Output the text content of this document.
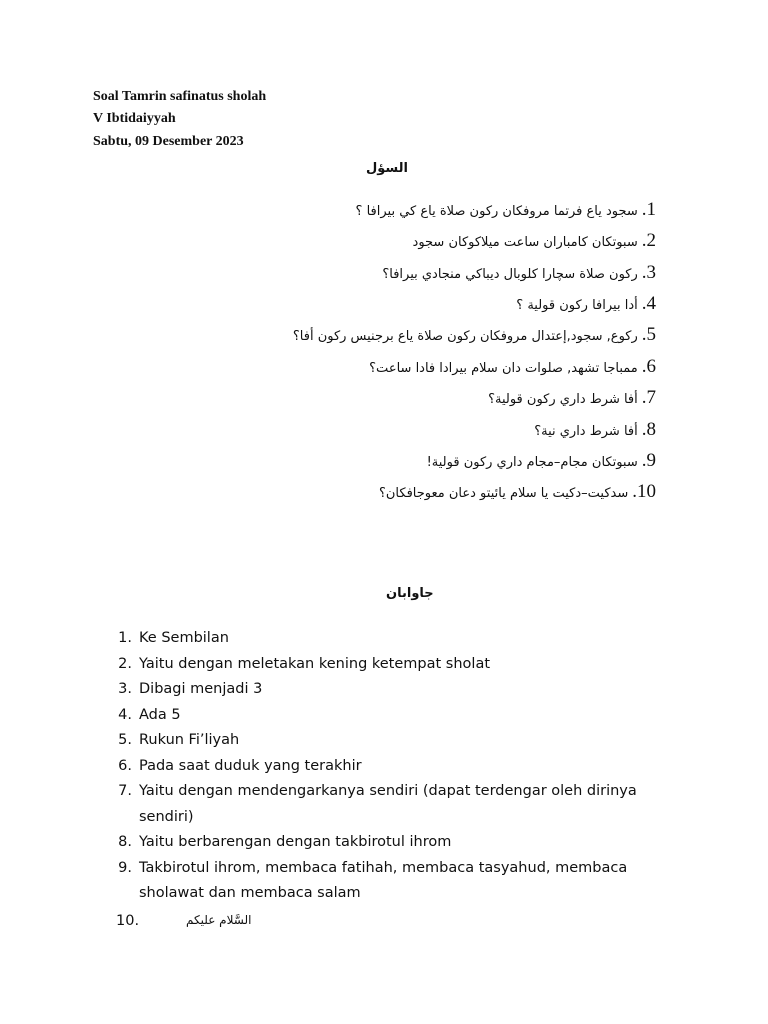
Soal Tamrin safinatus sholah
V Ibtidaiyyah
Sabtu, 09 Desember 2023
السؤل
1.سجود ياع فرتما مروفكان ركون صلاة ياع كي بيرافا ؟
2.سبوتكان كامباران ساعت ميلاكوكان سجود
3.ركون صلاة سچارا كلوبال ديباكي منجادي بيرافا؟
4.أدا بيرافا ركون قولية ؟
5.ركوع, سجود,إعتدال مروفكان ركون صلاة ياع برجنيس ركون أفا؟
6.ممباجا تشهد, صلوات دان سلام بيرادا فادا ساعت؟
7.أفا شرط داري ركون قولية؟
8.أفا شرط داري نية؟
9.سبوتكان مجام–مجام داري ركون قولية!
10.سدكيت–دكيت يا سلام يائيتو دعان معوجافكان؟
جاوابان
1. Ke Sembilan
2. Yaitu dengan meletakan kening ketempat sholat
3. Dibagi menjadi 3
4. Ada 5
5. Rukun Fi’liyah
6. Pada saat duduk yang terakhir
7. Yaitu dengan mendengarkanya sendiri (dapat terdengar oleh dirinya sendiri)
8. Yaitu berbarengan dengan takbirotul ihrom
9. Takbirotul ihrom, membaca fatihah, membaca tasyahud, membaca sholawat dan membaca salam
10.	السَّلام عليكم
